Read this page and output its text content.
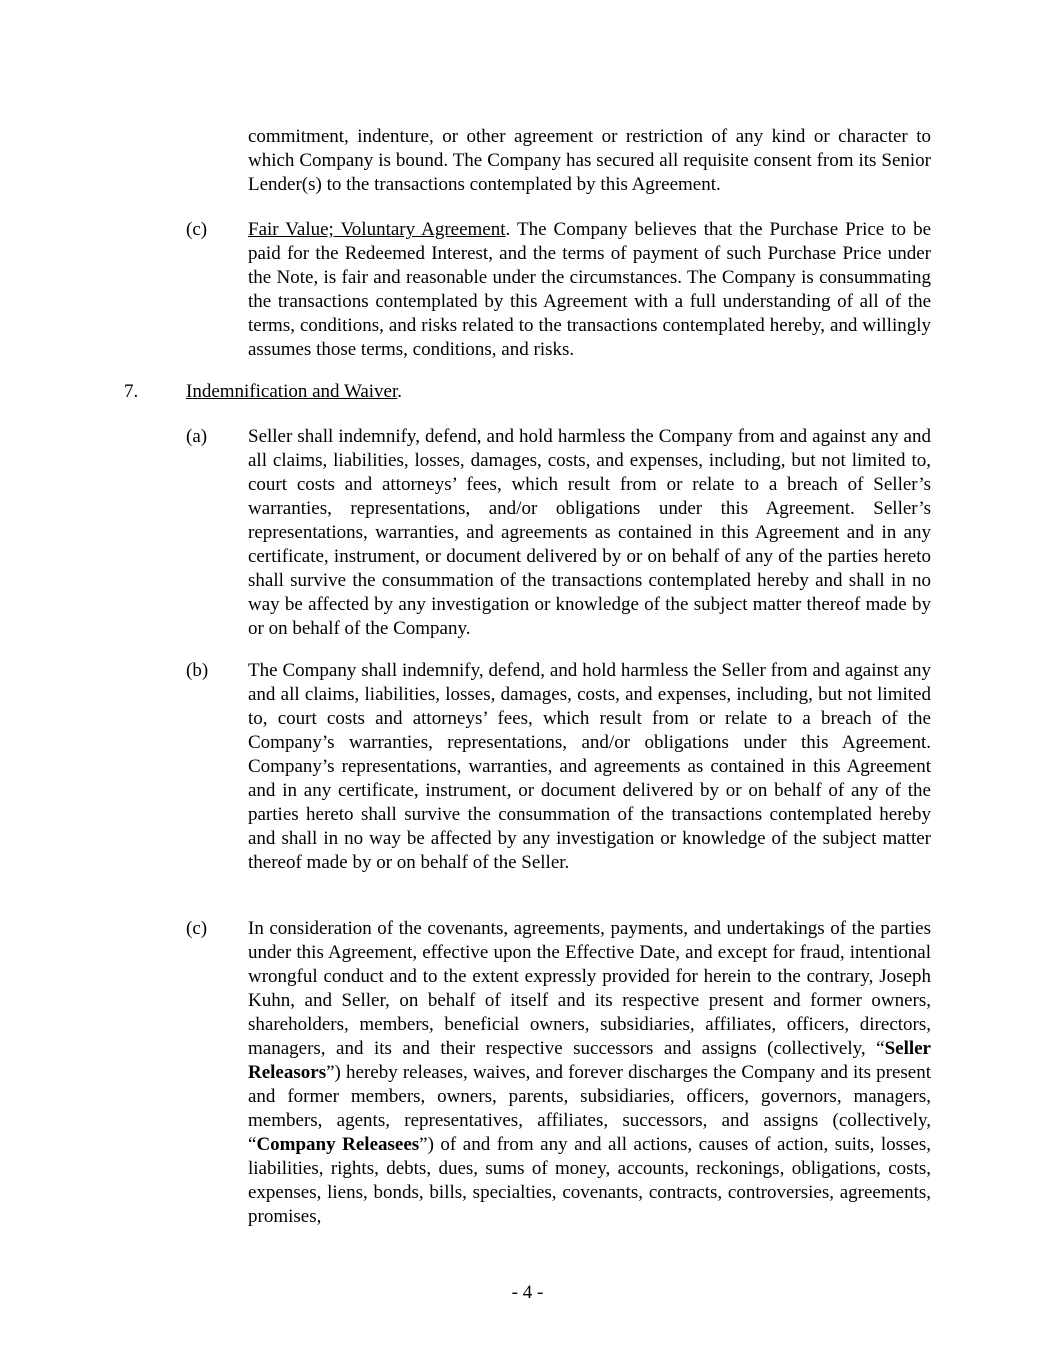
commitment, indenture, or other agreement or restriction of any kind or character to which Company is bound. The Company has secured all requisite consent from its Senior Lender(s) to the transactions contemplated by this Agreement.
(c) Fair Value; Voluntary Agreement. The Company believes that the Purchase Price to be paid for the Redeemed Interest, and the terms of payment of such Purchase Price under the Note, is fair and reasonable under the circumstances. The Company is consummating the transactions contemplated by this Agreement with a full understanding of all of the terms, conditions, and risks related to the transactions contemplated hereby, and willingly assumes those terms, conditions, and risks.
7.	Indemnification and Waiver.
(a) Seller shall indemnify, defend, and hold harmless the Company from and against any and all claims, liabilities, losses, damages, costs, and expenses, including, but not limited to, court costs and attorneys’ fees, which result from or relate to a breach of Seller’s warranties, representations, and/or obligations under this Agreement. Seller’s representations, warranties, and agreements as contained in this Agreement and in any certificate, instrument, or document delivered by or on behalf of any of the parties hereto shall survive the consummation of the transactions contemplated hereby and shall in no way be affected by any investigation or knowledge of the subject matter thereof made by or on behalf of the Company.
(b) The Company shall indemnify, defend, and hold harmless the Seller from and against any and all claims, liabilities, losses, damages, costs, and expenses, including, but not limited to, court costs and attorneys’ fees, which result from or relate to a breach of the Company’s warranties, representations, and/or obligations under this Agreement. Company’s representations, warranties, and agreements as contained in this Agreement and in any certificate, instrument, or document delivered by or on behalf of any of the parties hereto shall survive the consummation of the transactions contemplated hereby and shall in no way be affected by any investigation or knowledge of the subject matter thereof made by or on behalf of the Seller.
(c) In consideration of the covenants, agreements, payments, and undertakings of the parties under this Agreement, effective upon the Effective Date, and except for fraud, intentional wrongful conduct and to the extent expressly provided for herein to the contrary, Joseph Kuhn, and Seller, on behalf of itself and its respective present and former owners, shareholders, members, beneficial owners, subsidiaries, affiliates, officers, directors, managers, and its and their respective successors and assigns (collectively, “Seller Releasors”) hereby releases, waives, and forever discharges the Company and its present and former members, owners, parents, subsidiaries, officers, governors, managers, members, agents, representatives, affiliates, successors, and assigns (collectively, “Company Releasees”) of and from any and all actions, causes of action, suits, losses, liabilities, rights, debts, dues, sums of money, accounts, reckonings, obligations, costs, expenses, liens, bonds, bills, specialties, covenants, contracts, controversies, agreements, promises,
- 4 -
